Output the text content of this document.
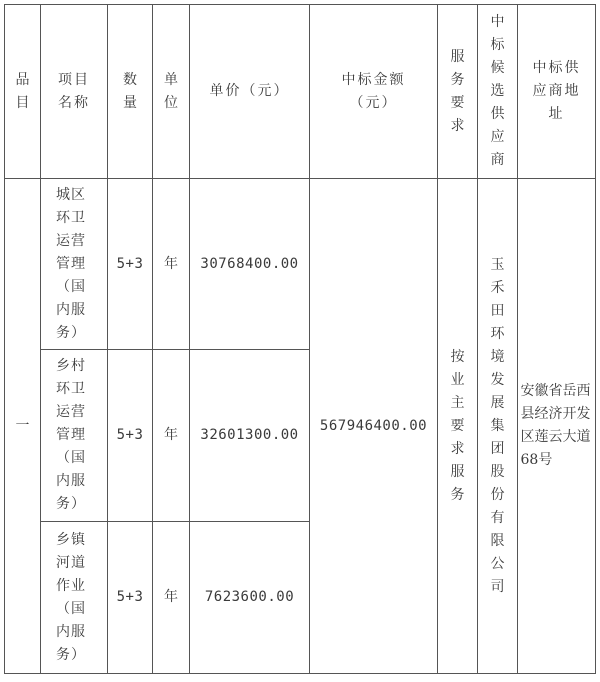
品目	项目名称	数量	单位	单价（元）	中标金额（元）	服务要求	中标候选供应商	中标供应商地址
一	城区环卫运营管理（国内服务）	5+3	年	30768400.00	567946400.00	按业主要求服务	玉禾田环境发展集团股份有限公司	安徽省岳西县经济开发区莲云大道68号
	乡村环卫运营管理（国内服务）	5+3	年	32601300.00				
	乡镇河道作业（国内服务）	5+3	年	7623600.00				
